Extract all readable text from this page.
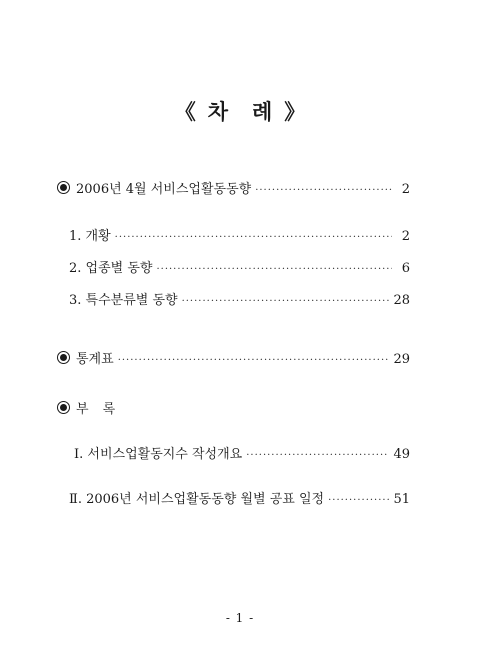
《 차 례 》
2006년 4월 서비스업활동동향 ·····	2
1. 개황 ·····	2
2. 업종별 동향 ·····	6
3. 특수분류별 동향 ·····	28
통계표 ·····	29
부 록
Ⅰ. 서비스업활동지수 작성개요 ·····	49
Ⅱ. 2006년 서비스업활동동향 월별 공표 일정 ·····	51
- 1 -
